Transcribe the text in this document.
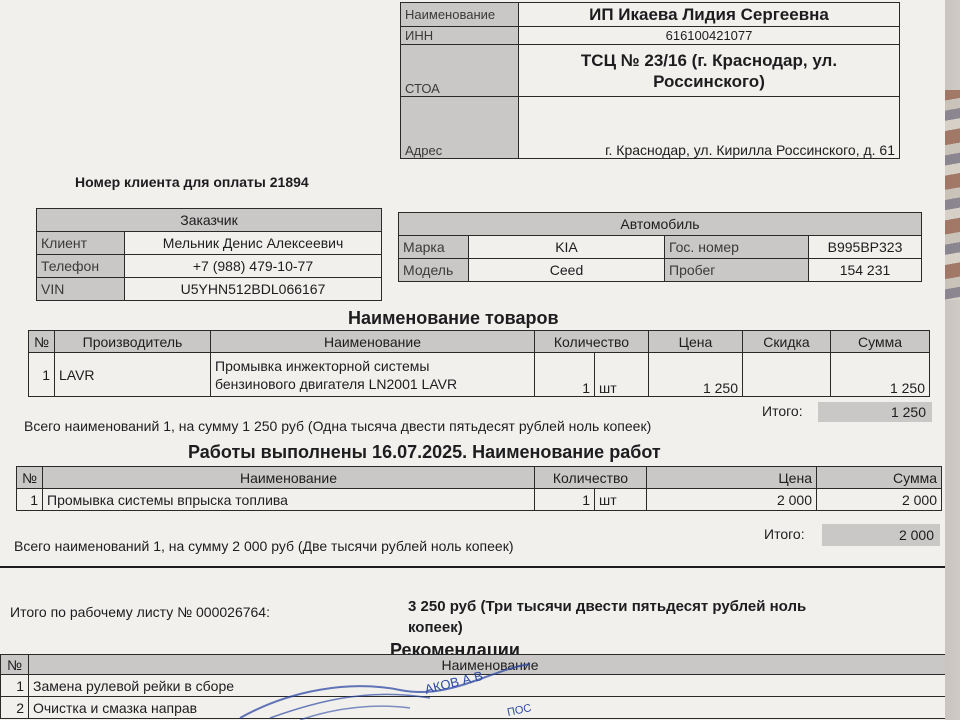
Наименование	ИП Икаева Лидия Сергеевна
ИНН	616100421077
СТОА	ТСЦ № 23/16 (г. Краснодар, ул.
Россинского)

Адрес	г. Краснодар, ул. Кирилла Россинского, д. 61
Номер клиента для оплаты 21894
Заказчик	
Клиент	Мельник Денис Алексеевич
Телефон	+7 (988) 479-10-77
VIN	U5YHN512BDL066167
Автомобиль			
Марка	KIA	Гос. номер	В995ВР323
Модель	Ceed	Пробег	154 231
Наименование товаров
№	Производитель	Наименование	Количество		Цена	Скидка	Сумма
1	LAVR	Промывка инжекторной системы
бензинового двигателя LN2001 LAVR	1	шт	1 250		1 250
Итого:	1 250
Всего наименований 1, на сумму 1 250 руб (Одна тысяча двести пятьдесят рублей ноль копеек)
Работы выполнены 16.07.2025. Наименование работ
№	Наименование	Количество		Цена	Сумма
1	Промывка системы впрыска топлива	1	шт	2 000	2 000
Итого:	2 000
Всего наименований 1, на сумму 2 000 руб (Две тысячи рублей ноль копеек)
Итого по рабочему листу № 000026764:	3 250 руб (Три тысячи двести пятьдесят рублей ноль
копеек)
Рекомендации
№	Наименование
1	Замена рулевой рейки в сборе
2	Очистка и смазка направ
АКОВ А.В
ПОС
